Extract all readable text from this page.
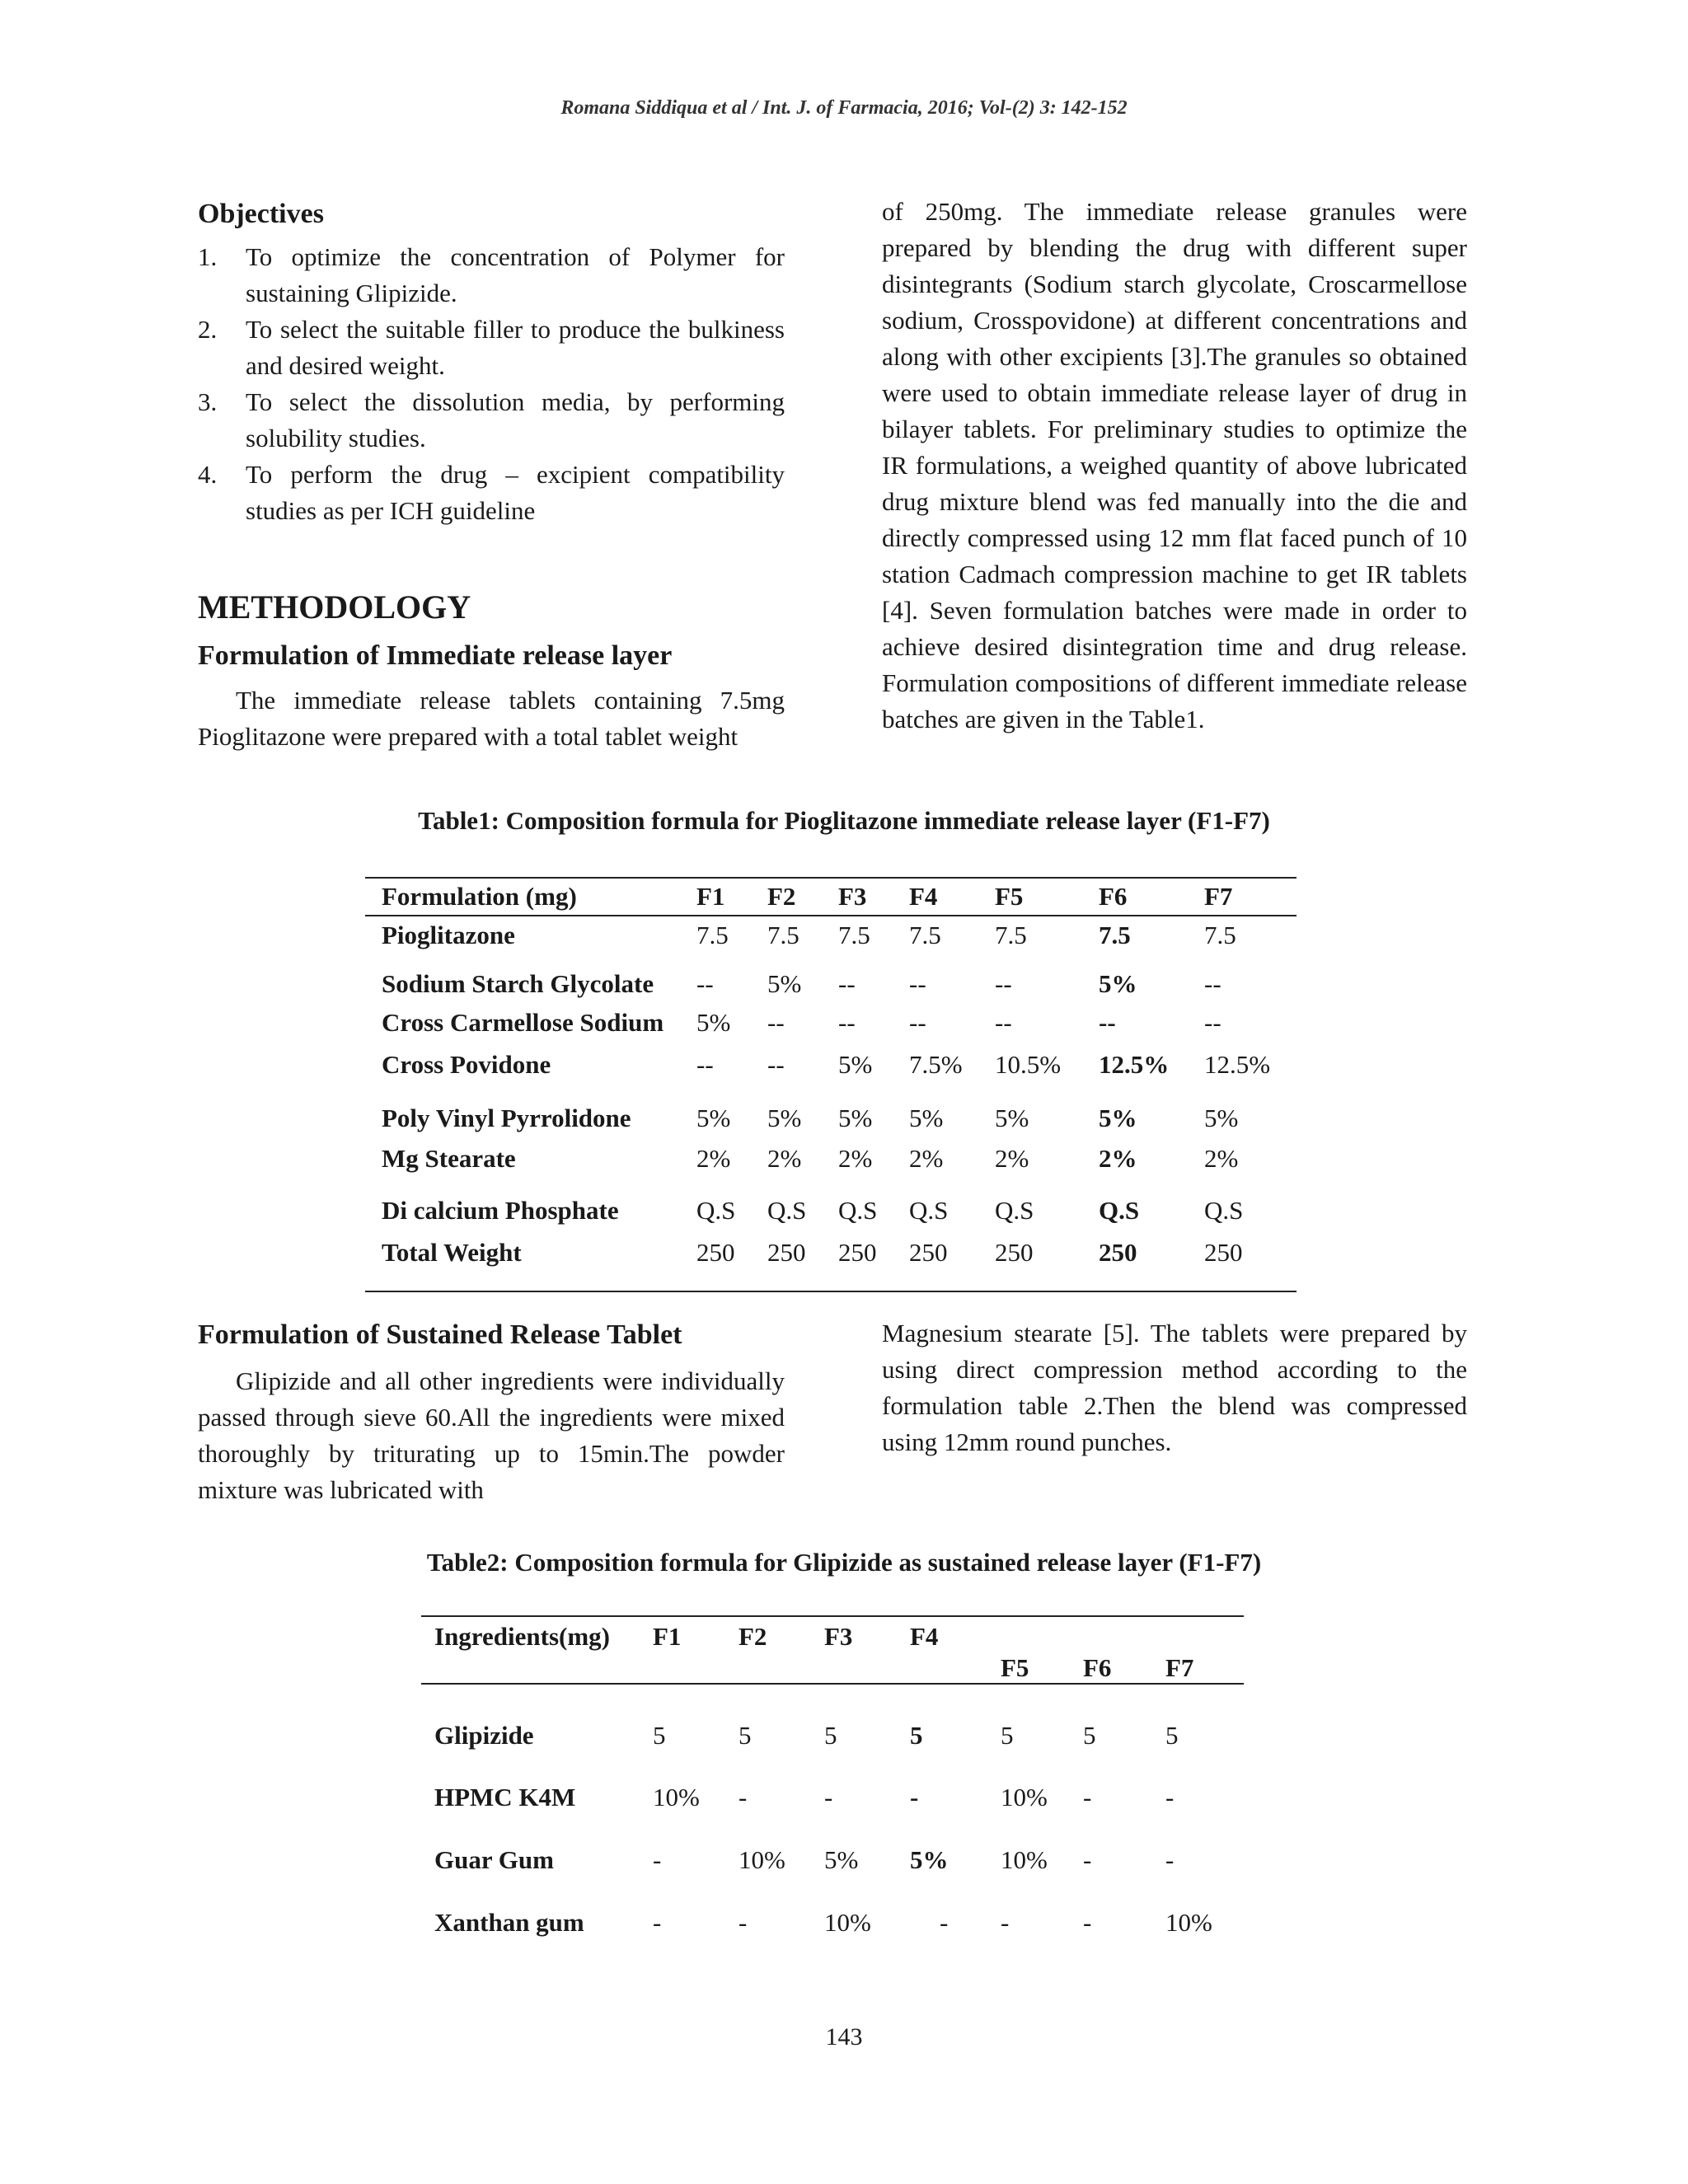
Romana Siddiqua et al / Int. J. of Farmacia, 2016; Vol-(2) 3: 142-152
Objectives
1. To optimize the concentration of Polymer for sustaining Glipizide.
2. To select the suitable filler to produce the bulkiness and desired weight.
3. To select the dissolution media, by performing solubility studies.
4. To perform the drug – excipient compatibility studies as per ICH guideline
METHODOLOGY
Formulation of Immediate release layer
The immediate release tablets containing 7.5mg Pioglitazone were prepared with a total tablet weight
of 250mg. The immediate release granules were prepared by blending the drug with different super disintegrants (Sodium starch glycolate, Croscarmellose sodium, Crosspovidone) at different concentrations and along with other excipients [3].The granules so obtained were used to obtain immediate release layer of drug in bilayer tablets. For preliminary studies to optimize the IR formulations, a weighed quantity of above lubricated drug mixture blend was fed manually into the die and directly compressed using 12 mm flat faced punch of 10 station Cadmach compression machine to get IR tablets [4]. Seven formulation batches were made in order to achieve desired disintegration time and drug release. Formulation compositions of different immediate release batches are given in the Table1.
Table1: Composition formula for Pioglitazone immediate release layer (F1-F7)
Formulation (mg)	F1	F2	F3	F4	F5	F6	F7
Pioglitazone	7.5	7.5	7.5	7.5	7.5	7.5	7.5
Sodium Starch Glycolate	--	5%	--	--	--	5%	--
Cross Carmellose Sodium	5%	--	--	--	--	--	--
Cross Povidone	--	--	5%	7.5%	10.5%	12.5%	12.5%
Poly Vinyl Pyrrolidone	5%	5%	5%	5%	5%	5%	5%
Mg Stearate	2%	2%	2%	2%	2%	2%	2%
Di calcium Phosphate	Q.S	Q.S	Q.S	Q.S	Q.S	Q.S	Q.S
Total Weight	250	250	250	250	250	250	250
Formulation of Sustained Release Tablet
Glipizide and all other ingredients were individually passed through sieve 60.All the ingredients were mixed thoroughly by triturating up to 15min.The powder mixture was lubricated with
Magnesium stearate [5]. The tablets were prepared by using direct compression method according to the formulation table 2.Then the blend was compressed using 12mm round punches.
Table2: Composition formula for Glipizide as sustained release layer (F1-F7)
Ingredients(mg)	F1	F2	F3	F4	F5	F6	F7
Glipizide	5	5	5	5	5	5	5
HPMC K4M	10%	-	-	-	10%	-	-
Guar Gum	-	10%	5%	5%	10%	-	-
Xanthan gum	-	-	10%	-	-	-	10%
143
